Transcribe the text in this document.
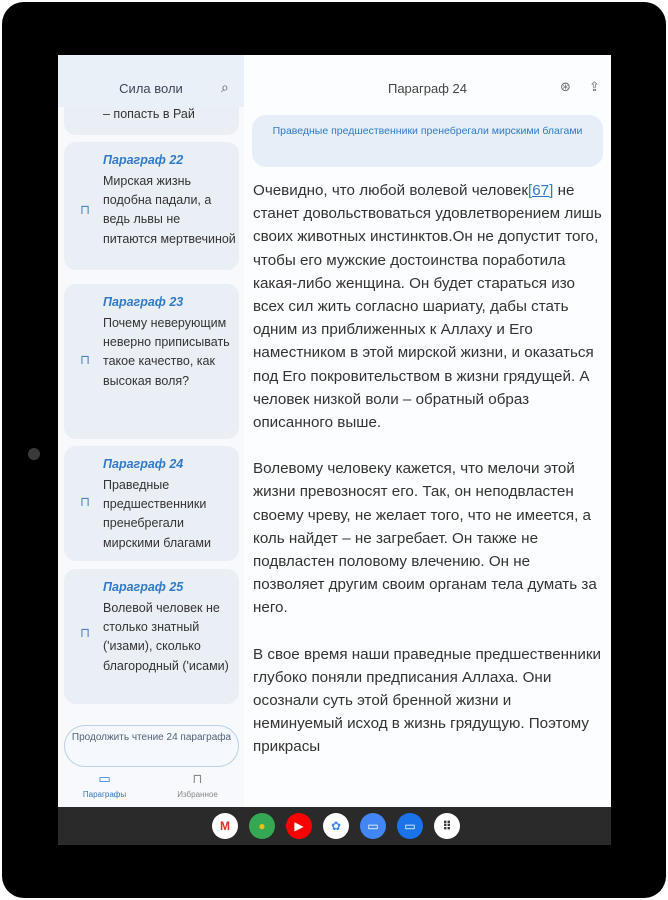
– попасть в Рай
Сила воли	⌕
⊓
Параграф 22
Мирская жизнь подобна падали, а ведь львы не питаются мертвечиной
⊓
Параграф 23
Почему неверующим неверно приписывать такое качество, как высокая воля?
⊓
Параграф 24
Праведные предшественники пренебрегали мирскими благами
⊓
Параграф 25
Волевой человек не столько знатный ('изами), сколько благородный ('исами)
Продолжить чтение 24 параграфа
▭
Параграфы
⊓
Избранное
Параграф 24	⊛ ⇪
Праведные предшественники пренебрегали мирскими благами

Очевидно, что любой волевой человек[67] не станет довольствоваться удовлетворением лишь своих животных инстинктов.Он не допустит того, чтобы его мужские достоинства поработила какая-либо женщина. Он будет стараться изо всех сил жить согласно шариату, дабы стать одним из приближенных к Аллаху и Его наместником в этой мирской жизни, и оказаться под Его покровительством в жизни грядущей. А человек низкой воли – обратный образ описанного выше.

Волевому человеку кажется, что мелочи этой жизни превозносят его. Так, он неподвластен своему чреву, не желает того, что не имеется, а коль найдет – не загребает. Он также не подвластен половому влечению. Он не позволяет другим своим органам тела думать за него.

В свое время наши праведные предшественники глубоко поняли предписания Аллаха. Они осознали суть этой бренной жизни и неминуемый исход в жизнь грядущую. Поэтому прикрасы

M	●	▶	✿	▭	▭	⠿
